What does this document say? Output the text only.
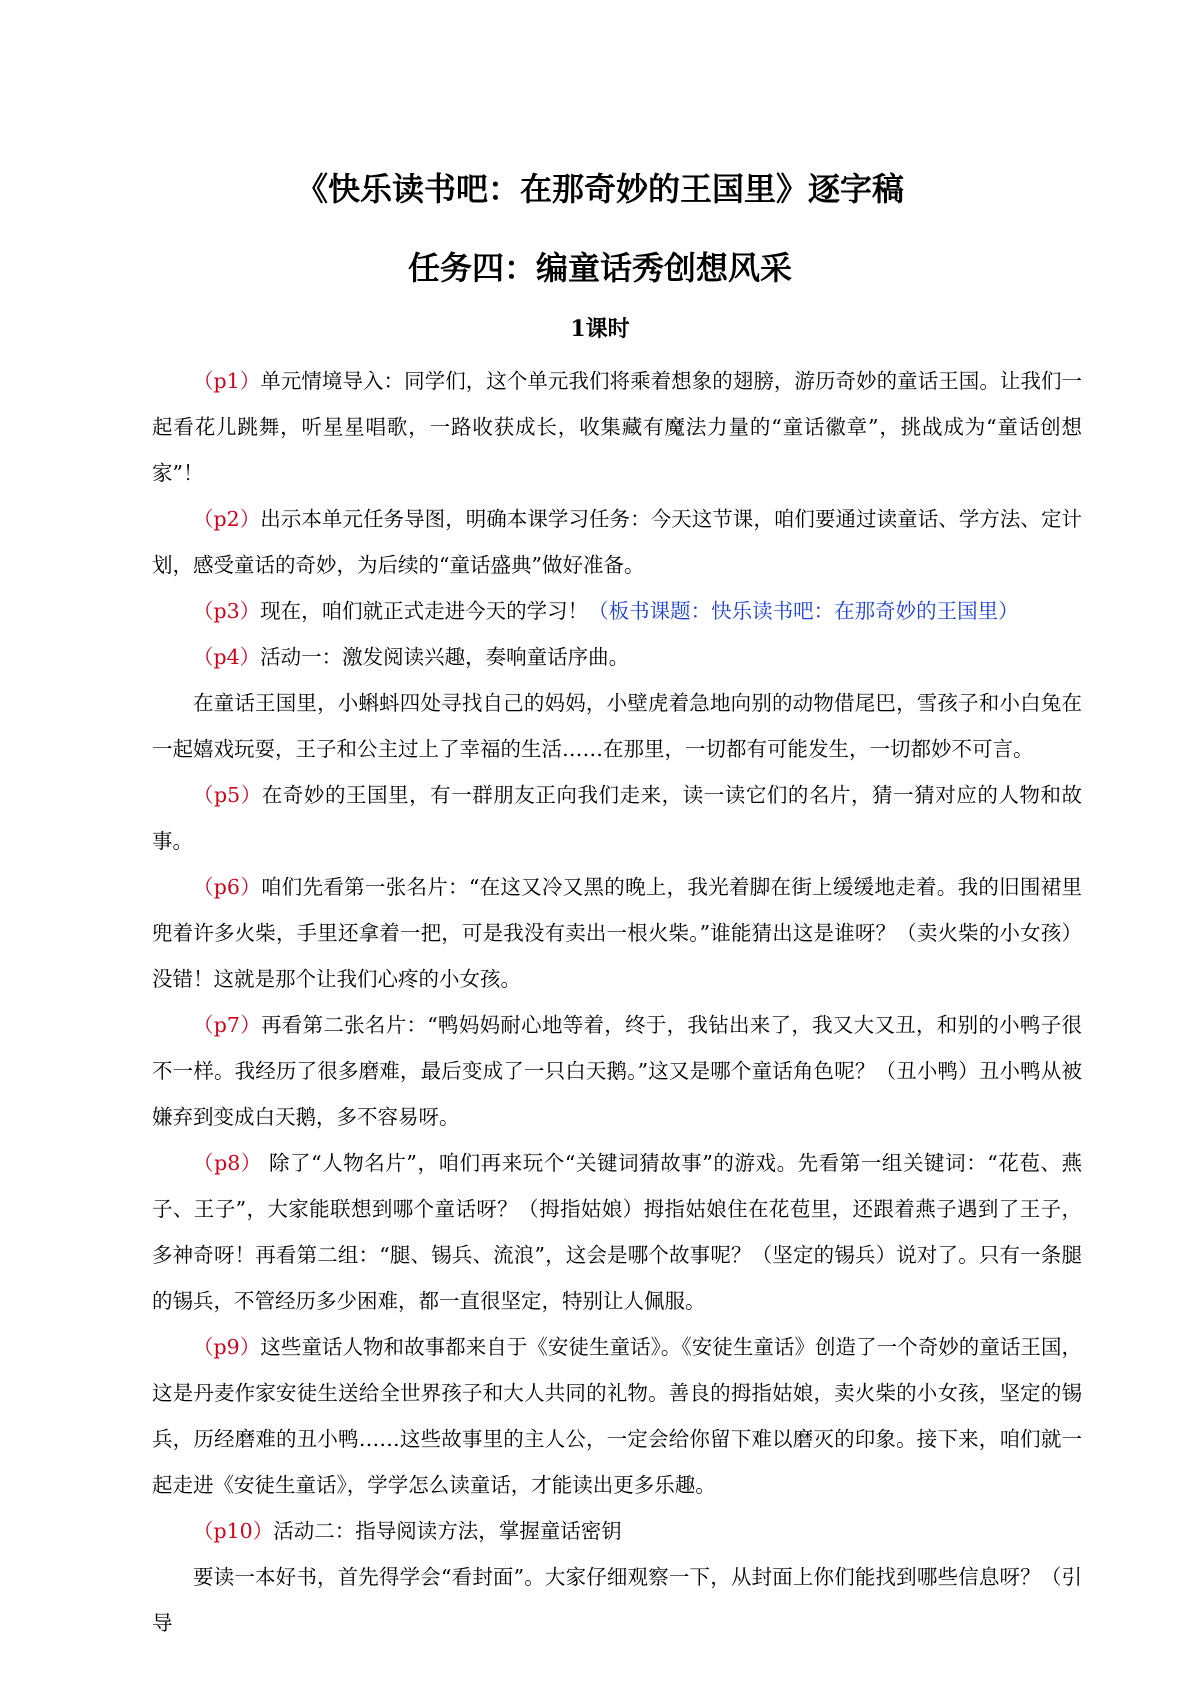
《快乐读书吧：在那奇妙的王国里》逐字稿
任务四：编童话秀创想风采
1课时

（p1）单元情境导入：同学们，这个单元我们将乘着想象的翅膀，游历奇妙的童话王国。让我们一起看花儿跳舞，听星星唱歌，一路收获成长，收集藏有魔法力量的“童话徽章”，挑战成为“童话创想家”！

（p2）出示本单元任务导图，明确本课学习任务：今天这节课，咱们要通过读童话、学方法、定计划，感受童话的奇妙，为后续的“童话盛典”做好准备。

（p3）现在，咱们就正式走进今天的学习！（板书课题：快乐读书吧：在那奇妙的王国里）

（p4）活动一：激发阅读兴趣，奏响童话序曲。

在童话王国里，小蝌蚪四处寻找自己的妈妈，小壁虎着急地向别的动物借尾巴，雪孩子和小白兔在一起嬉戏玩耍，王子和公主过上了幸福的生活……在那里，一切都有可能发生，一切都妙不可言。

（p5）在奇妙的王国里，有一群朋友正向我们走来，读一读它们的名片，猜一猜对应的人物和故事。

（p6）咱们先看第一张名片：“在这又冷又黑的晚上，我光着脚在街上缓缓地走着。我的旧围裙里兜着许多火柴，手里还拿着一把，可是我没有卖出一根火柴。”谁能猜出这是谁呀？（卖火柴的小女孩）没错！这就是那个让我们心疼的小女孩。

（p7）再看第二张名片：“鸭妈妈耐心地等着，终于，我钻出来了，我又大又丑，和别的小鸭子很不一样。我经历了很多磨难，最后变成了一只白天鹅。”这又是哪个童话角色呢？（丑小鸭）丑小鸭从被嫌弃到变成白天鹅，多不容易呀。

（p8） 除了“人物名片”，咱们再来玩个“关键词猜故事”的游戏。先看第一组关键词：“花苞、燕子、王子”，大家能联想到哪个童话呀？（拇指姑娘）拇指姑娘住在花苞里，还跟着燕子遇到了王子，多神奇呀！再看第二组：“腿、锡兵、流浪”，这会是哪个故事呢？（坚定的锡兵）说对了。只有一条腿的锡兵，不管经历多少困难，都一直很坚定，特别让人佩服。

（p9）这些童话人物和故事都来自于《安徒生童话》。《安徒生童话》创造了一个奇妙的童话王国，这是丹麦作家安徒生送给全世界孩子和大人共同的礼物。善良的拇指姑娘，卖火柴的小女孩，坚定的锡兵，历经磨难的丑小鸭……这些故事里的主人公，一定会给你留下难以磨灭的印象。接下来，咱们就一起走进《安徒生童话》，学学怎么读童话，才能读出更多乐趣。

（p10）活动二：指导阅读方法，掌握童话密钥

要读一本好书，首先得学会“看封面”。大家仔细观察一下，从封面上你们能找到哪些信息呀？（引导
